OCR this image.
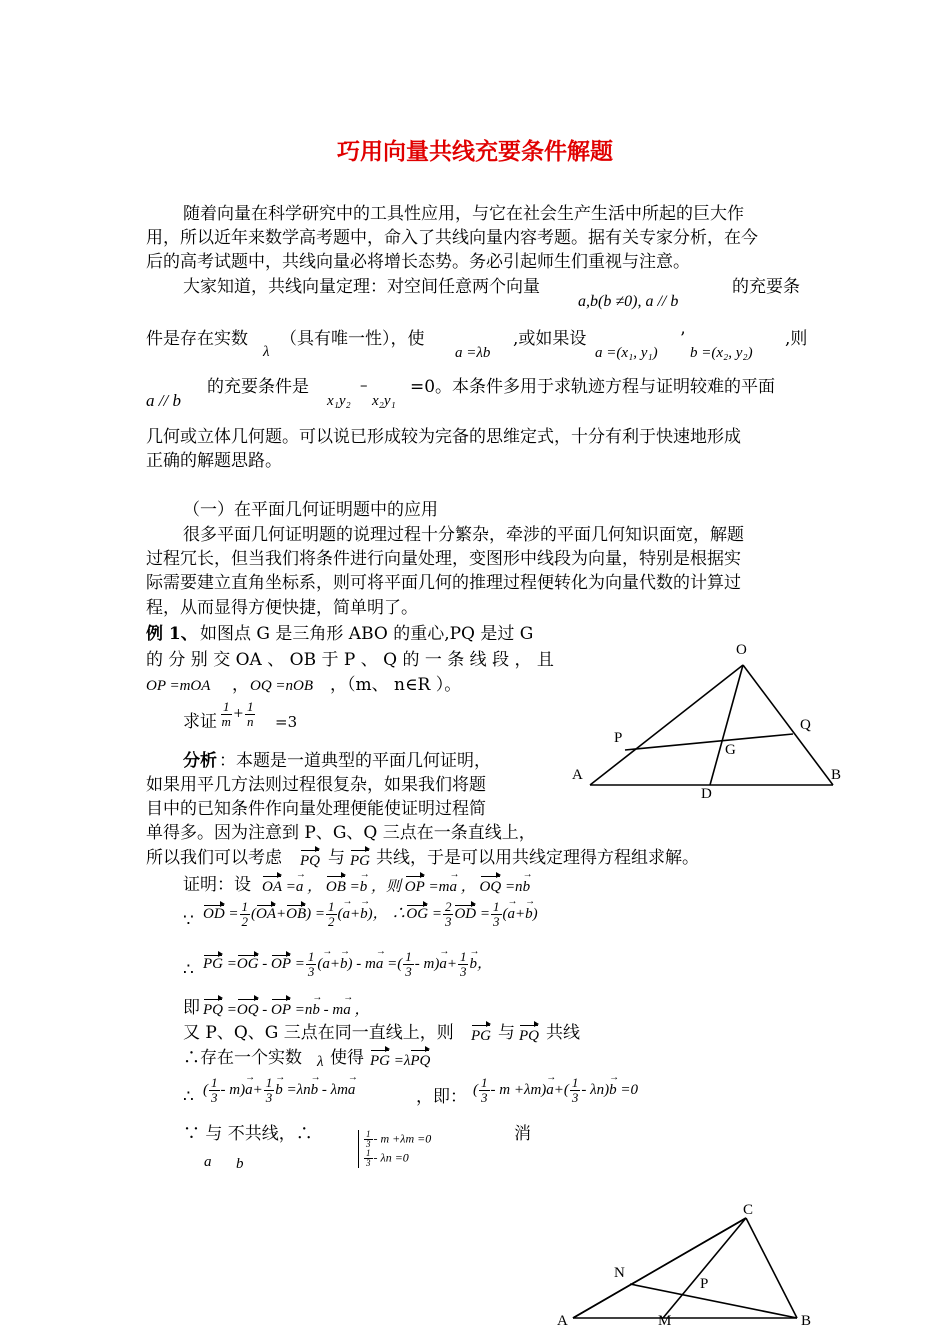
巧用向量共线充要条件解题
随着向量在科学研究中的工具性应用，与它在社会生产生活中所起的巨大作
用，所以近年来数学高考题中，命入了共线向量内容考题。据有关专家分析，在今
后的高考试题中，共线向量必将增长态势。务必引起师生们重视与注意。
大家知道，共线向量定理：对空间任意两个向量
a,b(b ≠0), a // b
的充要条
件是存在实数
λ
（具有唯一性），使
a =λb
,或如果设
a =(x₁, y₁)
’
b =(x₂, y₂)
,则
a // b
的充要条件是
x₁y₂
–
x₂y₁
=0。本条件多用于求轨迹方程与证明较难的平面
几何或立体几何题。可以说已形成较为完备的思维定式，十分有利于快速地形成
正确的解题思路。
（一）在平面几何证明题中的应用
很多平面几何证明题的说理过程十分繁杂，牵涉的平面几何知识面宽，解题
过程冗长，但当我们将条件进行向量处理，变图形中线段为向量，特别是根据实
际需要建立直角坐标系，则可将平面几何的推理过程便转化为向量代数的计算过
程，从而显得方便快捷，简单明了。
例 1、 如图点 G 是三角形 ABO 的重心,PQ 是过 G
的 分 别 交 OA 、 OB 于 P 、 Q 的 一 条 线 段 ， 且
OP =mOA ， OQ =nOB ，（m、 n∈R ）。
求证 $\frac{1}{m} + \frac{1}{n} =3$
分析 ：本题是一道典型的平面几何证明，
如果用平几方法则过程很复杂，如果我们将题
目中的已知条件作向量处理便能使证明过程简
单得多。因为注意到 P、G、Q 三点在一条直线上，
所以我们可以考虑 PQ 与 PG 共线，于是可以用共线定理得方程组求解。
证明：设 OA =a → ， OB =b → ，则 OP =ma → ， OQ =nb →
∵ OD = $\frac{1}{2} (OA+OB) = \frac{1}{2} (a \to+b$ →)， ∴OG = $\frac{2}{3}$ OD = $\frac{1}{3} (a \to+b$ →)
∴ PG =OG - OP = $\frac{1}{3} (a \to+b$ →) - ma → =( $\frac{1}{3} - m)a \to+ \frac{1}{3}$ b →，
即 PQ =OQ - OP =nb → - ma → ，
又 P、Q、G 三点在同一直线上，则 PG 与 PQ 共线
∴存在一个实数 λ 使得 PG =λPQ
∴ ( $\frac{1}{3} - m)a \to+ \frac{1}{3}$ b → =λnb → - λma →	，即： ( $\frac{1}{3} - m +\lambda m)a$ →+( $\frac{1}{3} - \lambda n)b \to =0$
∵ 与 不共线，∴
a b
$\frac{1}{3} - m +\lambda m =0$
$\frac{1}{3} - \lambda n =0$
消
O
Q
P
G
A	B
D
C
N
P
A	M	B
